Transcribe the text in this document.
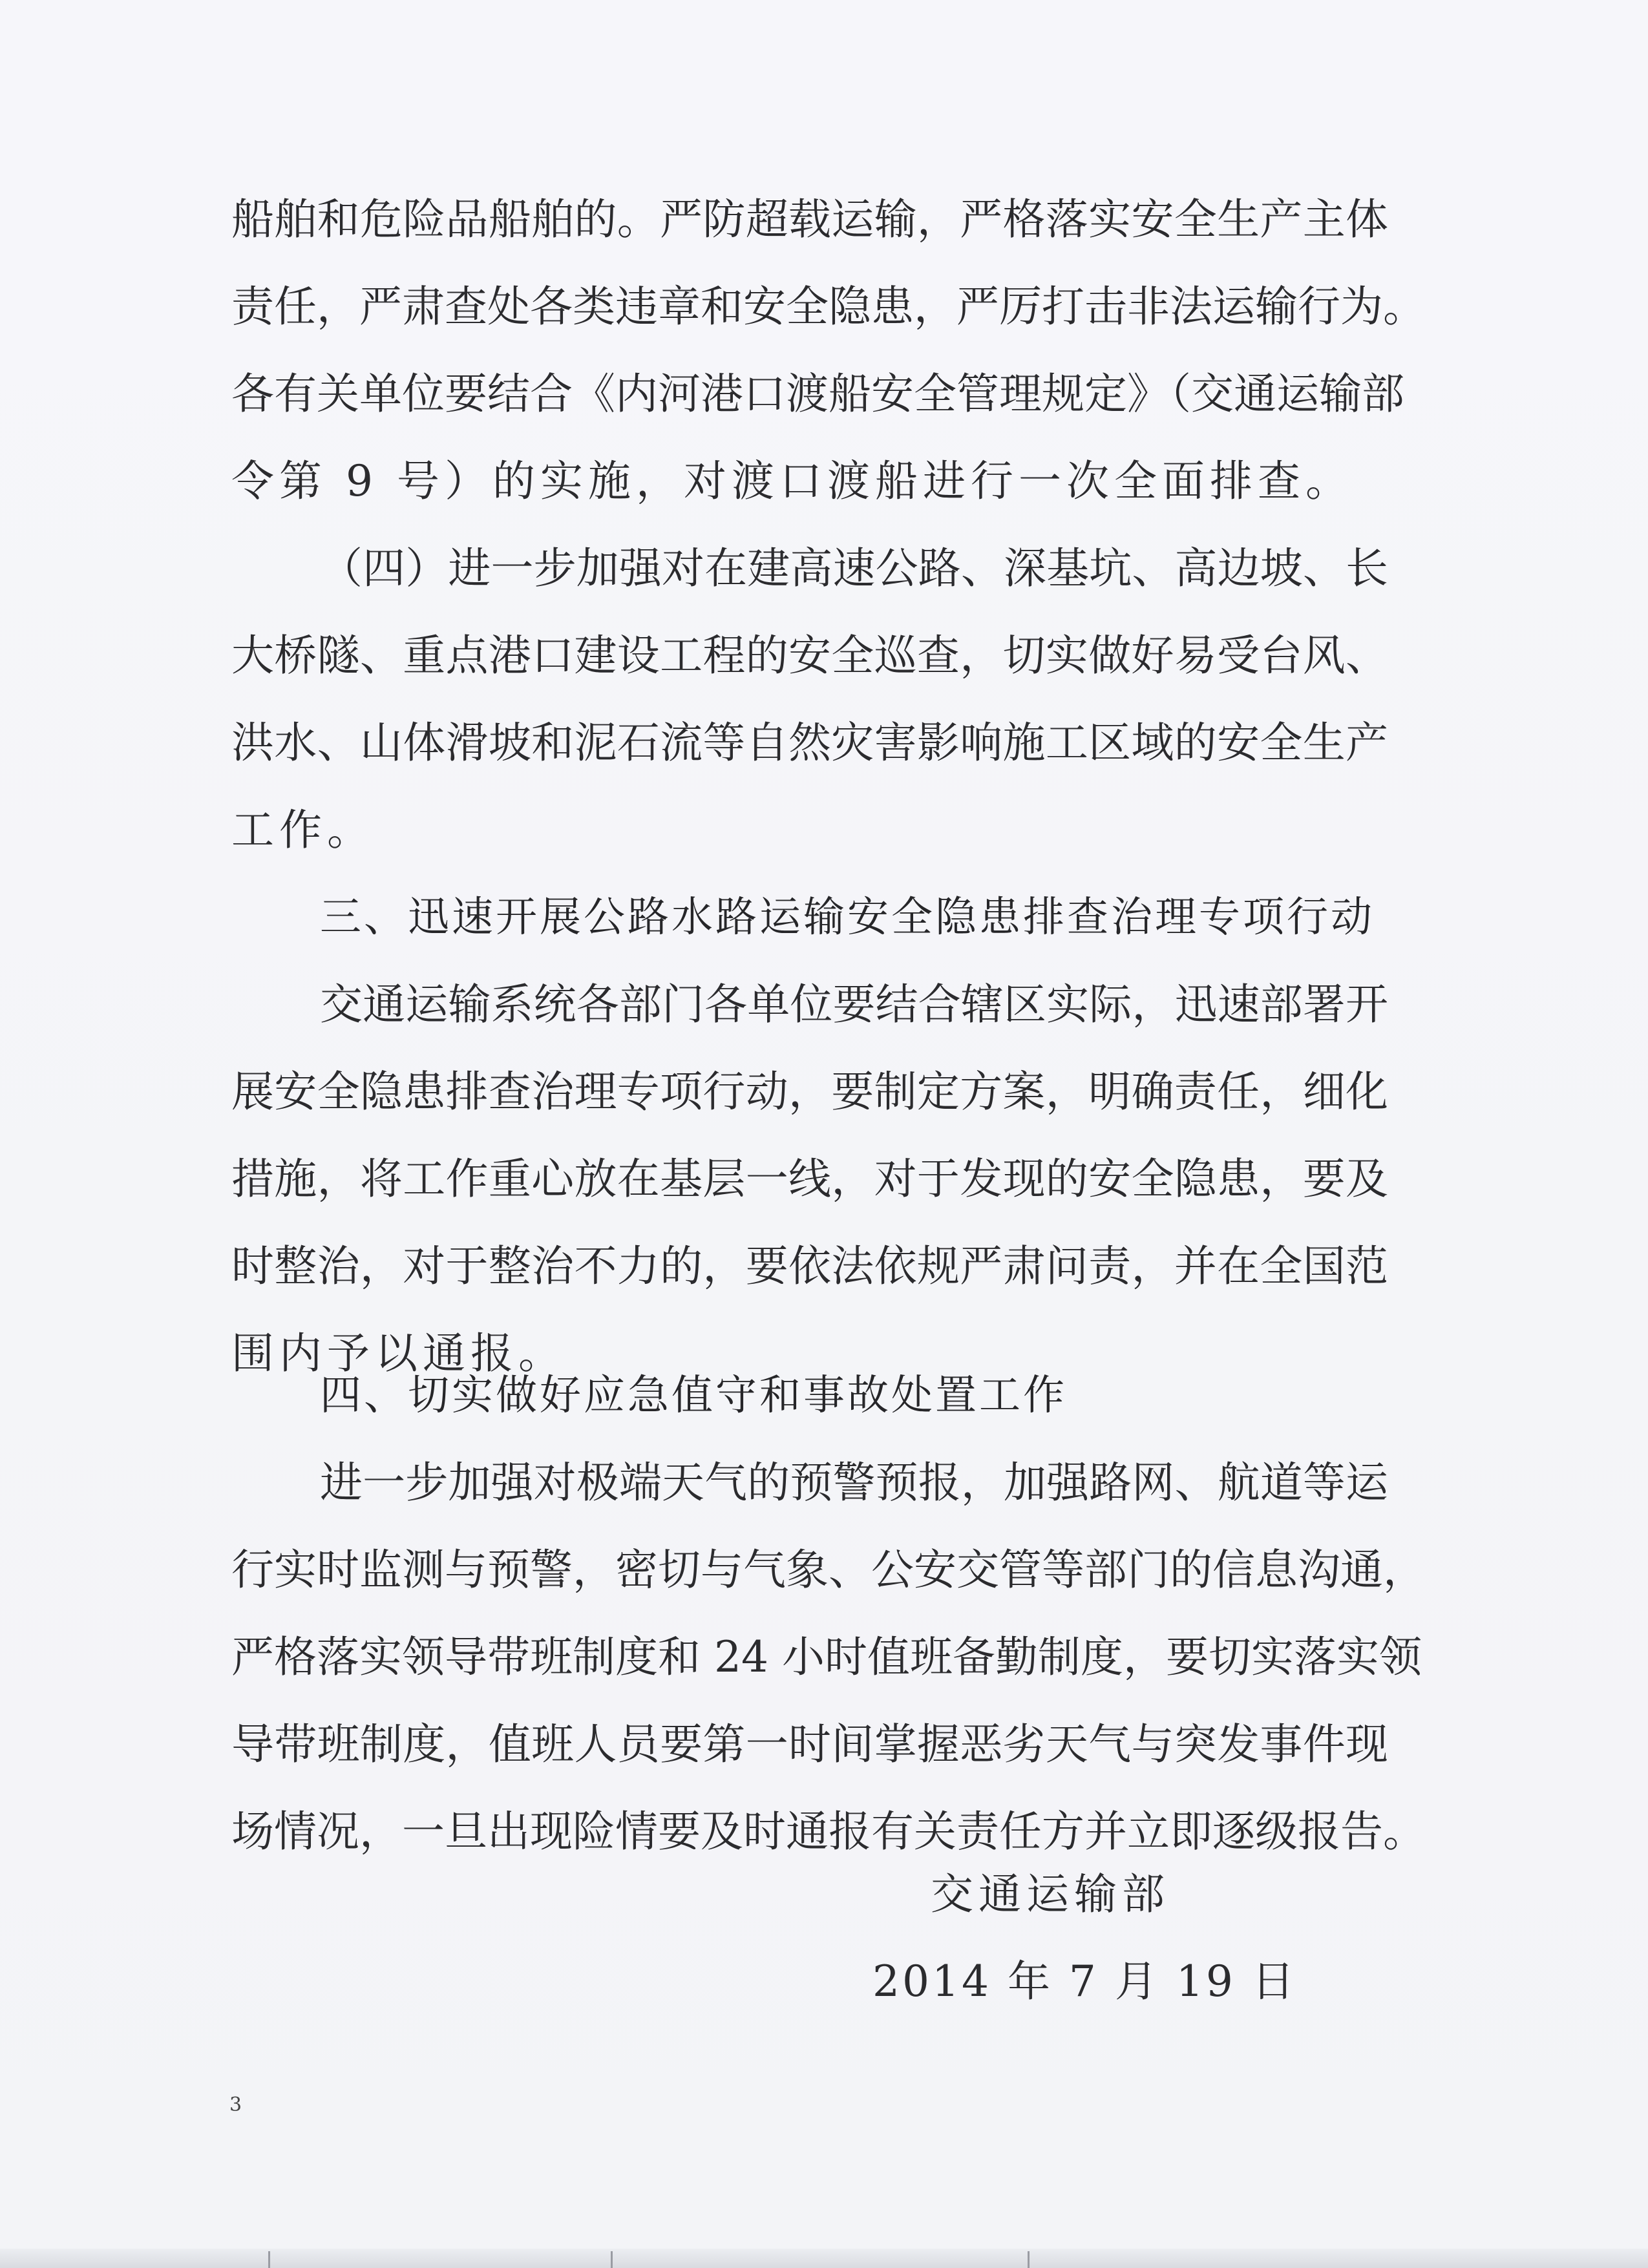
船舶和危险品船舶的。严防超载运输，严格落实安全生产主体
责任，严肃查处各类违章和安全隐患，严厉打击非法运输行为。
各有关单位要结合《内河港口渡船安全管理规定》（交通运输部
令第 9 号）的实施，对渡口渡船进行一次全面排查。
（四）进一步加强对在建高速公路、深基坑、高边坡、长
大桥隧、重点港口建设工程的安全巡查，切实做好易受台风、
洪水、山体滑坡和泥石流等自然灾害影响施工区域的安全生产
工作。
三、迅速开展公路水路运输安全隐患排查治理专项行动
交通运输系统各部门各单位要结合辖区实际，迅速部署开
展安全隐患排查治理专项行动，要制定方案，明确责任，细化
措施，将工作重心放在基层一线，对于发现的安全隐患，要及
时整治，对于整治不力的，要依法依规严肃问责，并在全国范
围内予以通报。
四、切实做好应急值守和事故处置工作
进一步加强对极端天气的预警预报，加强路网、航道等运
行实时监测与预警，密切与气象、公安交管等部门的信息沟通，
严格落实领导带班制度和 24 小时值班备勤制度，要切实落实领
导带班制度，值班人员要第一时间掌握恶劣天气与突发事件现
场情况，一旦出现险情要及时通报有关责任方并立即逐级报告。
交通运输部
2014 年 7 月 19 日
3
